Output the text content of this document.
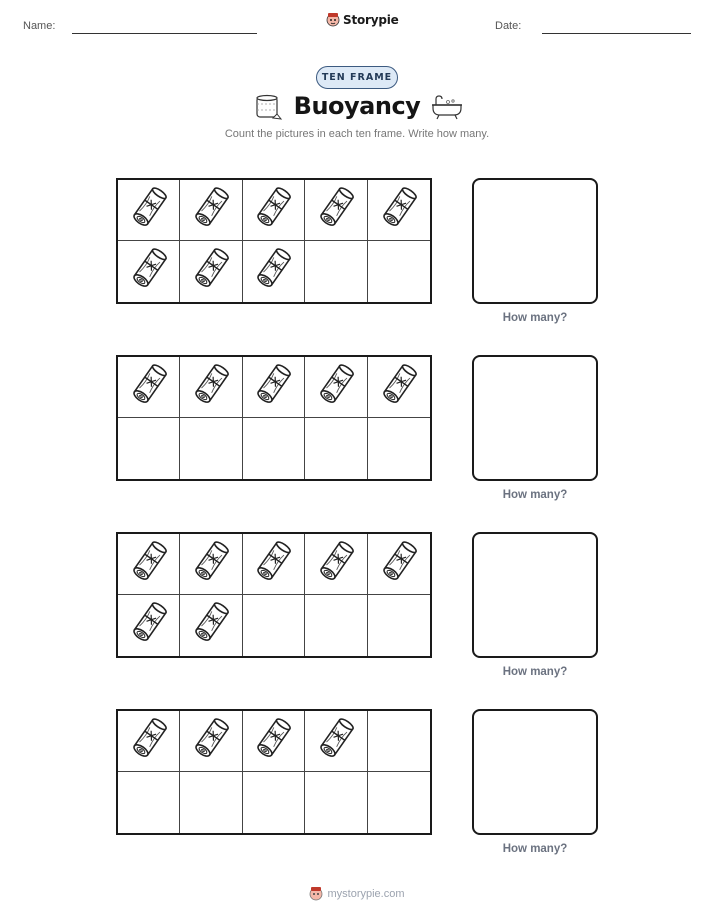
Name:	Storypie	Date:
TEN FRAME
Buoyancy
Count the pictures in each ten frame. Write how many.
How many?
How many?
How many?
How many?
mystorypie.com
